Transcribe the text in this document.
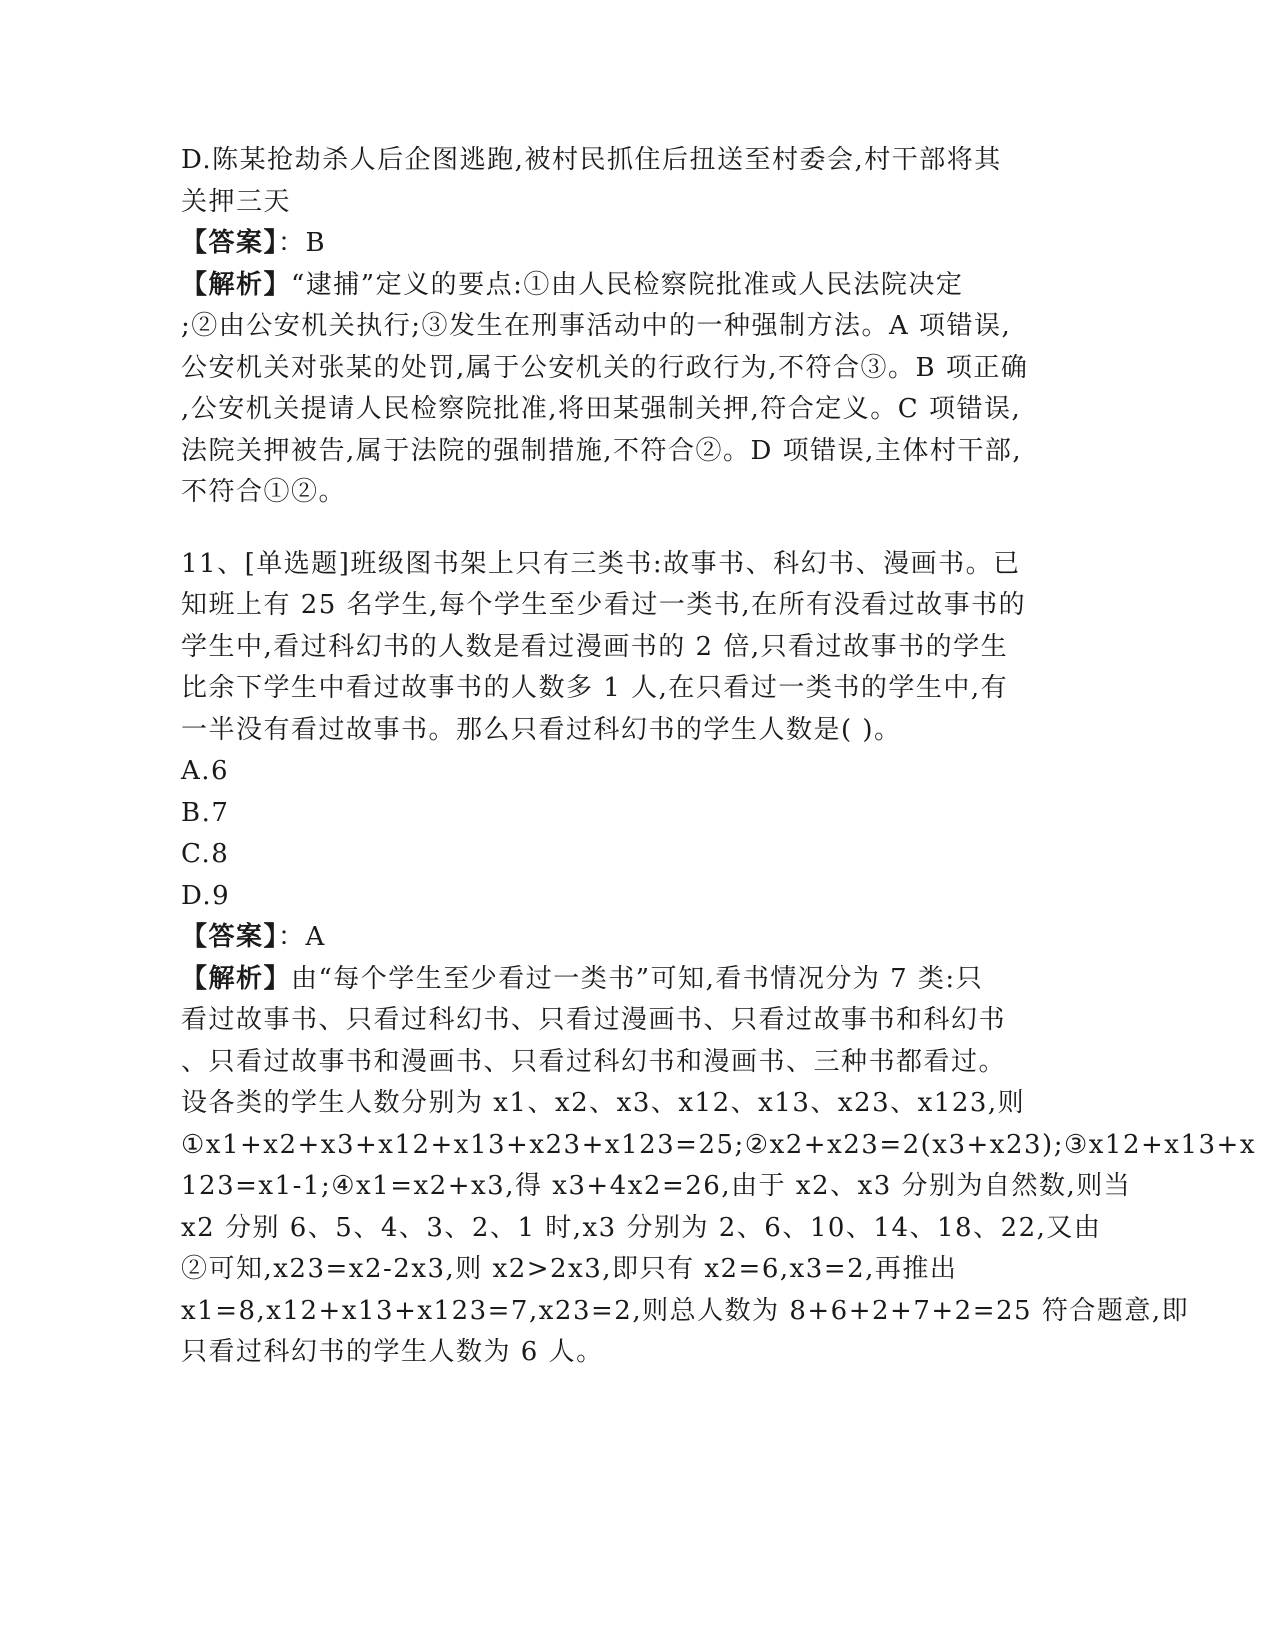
D.陈某抢劫杀人后企图逃跑,被村民抓住后扭送至村委会,村干部将其
关押三天
【答案】：B
【解析】“逮捕”定义的要点:①由人民检察院批准或人民法院决定
;②由公安机关执行;③发生在刑事活动中的一种强制方法。A 项错误,
公安机关对张某的处罚,属于公安机关的行政行为,不符合③。B 项正确
,公安机关提请人民检察院批准,将田某强制关押,符合定义。C 项错误,
法院关押被告,属于法院的强制措施,不符合②。D 项错误,主体村干部,
不符合①②。
11、[单选题]班级图书架上只有三类书:故事书、科幻书、漫画书。已
知班上有 25 名学生,每个学生至少看过一类书,在所有没看过故事书的
学生中,看过科幻书的人数是看过漫画书的 2 倍,只看过故事书的学生
比余下学生中看过故事书的人数多 1 人,在只看过一类书的学生中,有
一半没有看过故事书。那么只看过科幻书的学生人数是( )。
A.6
B.7
C.8
D.9
【答案】：A
【解析】由“每个学生至少看过一类书”可知,看书情况分为 7 类:只
看过故事书、只看过科幻书、只看过漫画书、只看过故事书和科幻书
、只看过故事书和漫画书、只看过科幻书和漫画书、三种书都看过。
设各类的学生人数分别为 x1、x2、x3、x12、x13、x23、x123,则
①x1+x2+x3+x12+x13+x23+x123=25;②x2+x23=2(x3+x23);③x12+x13+x
123=x1-1;④x1=x2+x3,得 x3+4x2=26,由于 x2、x3 分别为自然数,则当
x2 分别 6、5、4、3、2、1 时,x3 分别为 2、6、10、14、18、22,又由
②可知,x23=x2-2x3,则 x2>2x3,即只有 x2=6,x3=2,再推出
x1=8,x12+x13+x123=7,x23=2,则总人数为 8+6+2+7+2=25 符合题意,即
只看过科幻书的学生人数为 6 人。
